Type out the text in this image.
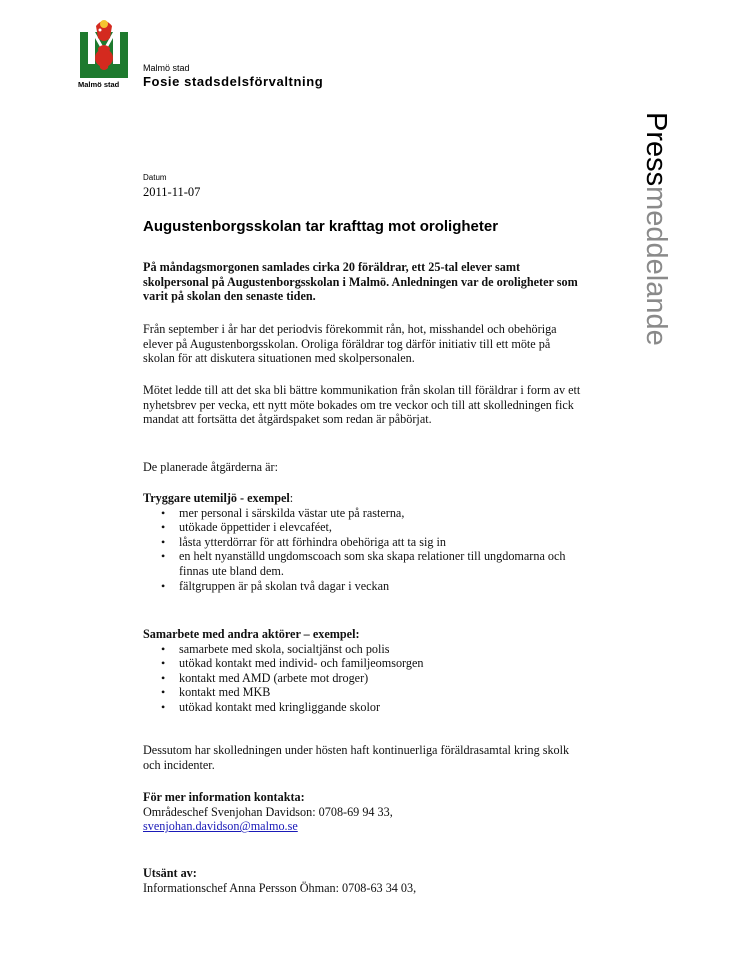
Malmö stad
Malmö stad
Fosie stadsdelsförvaltning
Pressmeddelande
Datum
2011-11-07
Augustenborgsskolan tar krafttag mot oroligheter

På måndagsmorgonen samlades cirka 20 föräldrar, ett 25-tal elever samt skolpersonal på Augustenborgsskolan i Malmö. Anledningen var de oroligheter som varit på skolan den senaste tiden.

Från september i år har det periodvis förekommit rån, hot, misshandel och obehöriga elever på Augustenborgsskolan. Oroliga föräldrar tog därför initiativ till ett möte på skolan för att diskutera situationen med skolpersonalen.

Mötet ledde till att det ska bli bättre kommunikation från skolan till föräldrar i form av ett nyhetsbrev per vecka, ett nytt möte bokades om tre veckor och till att skolledningen fick mandat att fortsätta det åtgärdspaket som redan är påbörjat.

De planerade åtgärderna är:

Tryggare utemiljö - exempel:

• mer personal i särskilda västar ute på rasterna,
• utökade öppettider i elevcaféet,
• låsta ytterdörrar för att förhindra obehöriga att ta sig in
• en helt nyanställd ungdomscoach som ska skapa relationer till ungdomarna och finnas ute bland dem.
• fältgruppen är på skolan två dagar i veckan

Samarbete med andra aktörer – exempel:

• samarbete med skola, socialtjänst och polis
• utökad kontakt med individ- och familjeomsorgen
• kontakt med AMD (arbete mot droger)
• kontakt med MKB
• utökad kontakt med kringliggande skolor

Dessutom har skolledningen under hösten haft kontinuerliga föräldrasamtal kring skolk och incidenter.

För mer information kontakta:

Områdeschef Svenjohan Davidson: 0708-69 94 33,

svenjohan.davidson@malmo.se

Utsänt av:

Informationschef Anna Persson Öhman: 0708-63 34 03,
